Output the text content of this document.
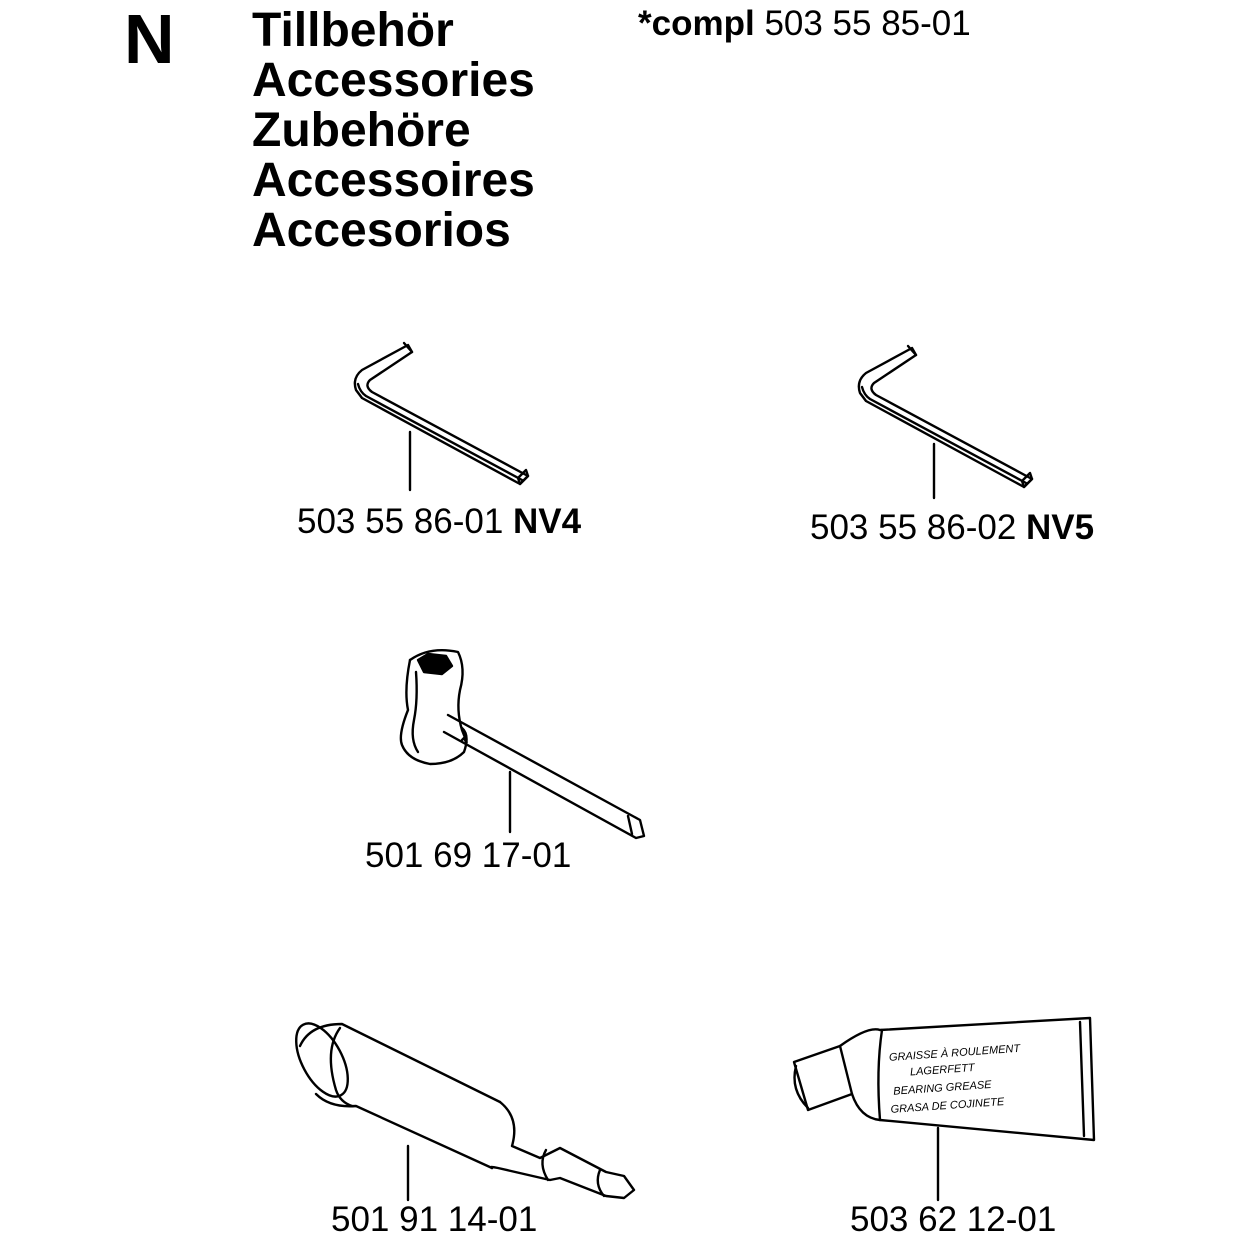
N Tillbehör
Accessories
Zubehöre
Accessoires
Accesorios
*compl 503 55 85-01
GRAISSE À ROULEMENT
LAGERFETT
BEARING GREASE
GRASA DE COJINETE
503 55 86-01 NV4	503 55 86-02 NV5
501 69 17-01
501 91 14-01	503 62 12-01
